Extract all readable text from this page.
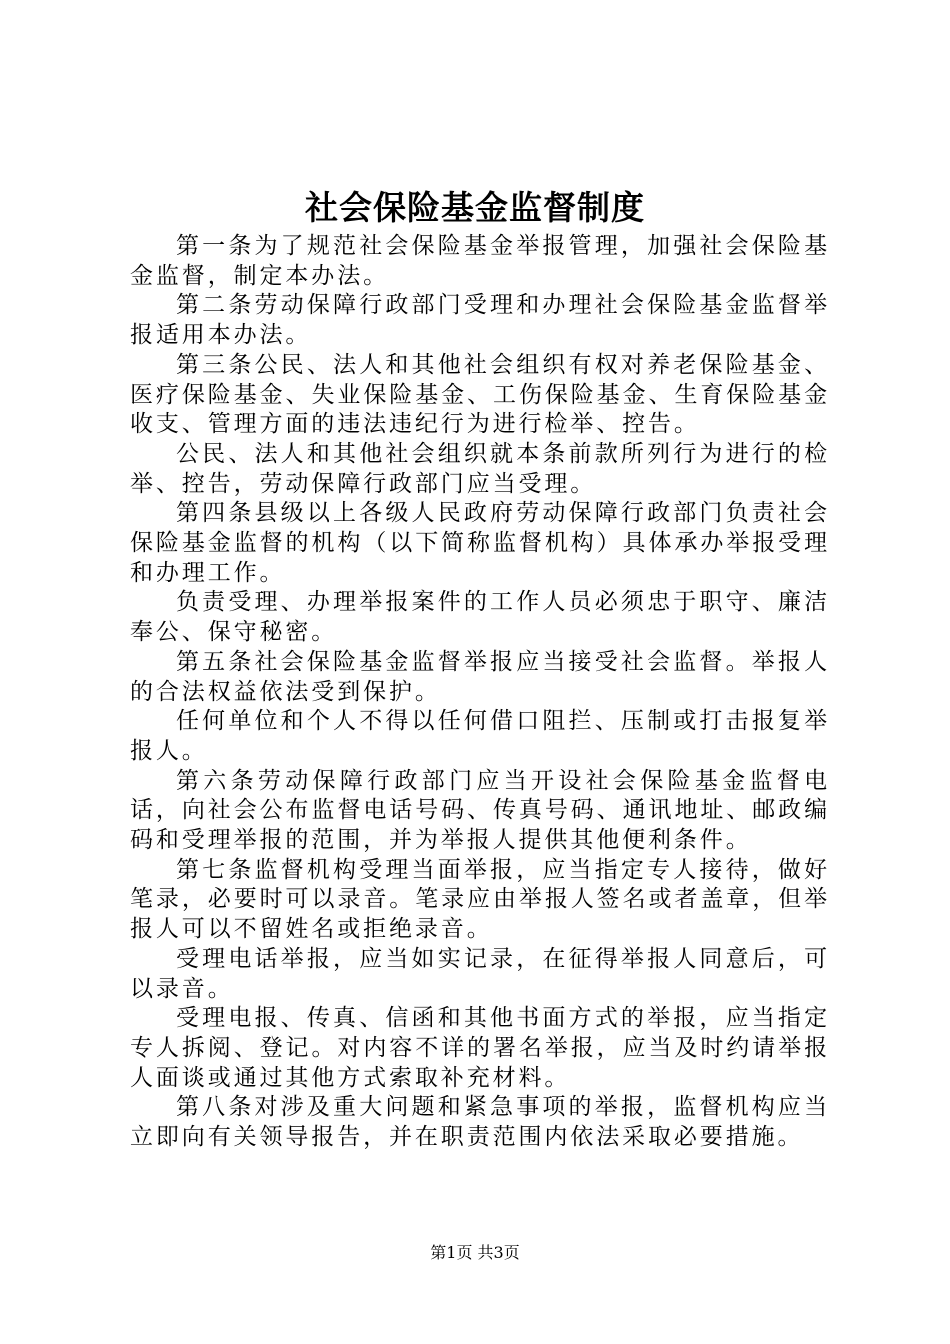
社会保险基金监督制度

第一条为了规范社会保险基金举报管理，加强社会保险基金监督，制定本办法。

第二条劳动保障行政部门受理和办理社会保险基金监督举报适用本办法。

第三条公民、法人和其他社会组织有权对养老保险基金、医疗保险基金、失业保险基金、工伤保险基金、生育保险基金收支、管理方面的违法违纪行为进行检举、控告。

公民、法人和其他社会组织就本条前款所列行为进行的检举、控告，劳动保障行政部门应当受理。

第四条县级以上各级人民政府劳动保障行政部门负责社会保险基金监督的机构（以下简称监督机构）具体承办举报受理和办理工作。

负责受理、办理举报案件的工作人员必须忠于职守、廉洁奉公、保守秘密。

第五条社会保险基金监督举报应当接受社会监督。举报人的合法权益依法受到保护。

任何单位和个人不得以任何借口阻拦、压制或打击报复举报人。

第六条劳动保障行政部门应当开设社会保险基金监督电话，向社会公布监督电话号码、传真号码、通讯地址、邮政编码和受理举报的范围，并为举报人提供其他便利条件。

第七条监督机构受理当面举报，应当指定专人接待，做好笔录，必要时可以录音。笔录应由举报人签名或者盖章，但举报人可以不留姓名或拒绝录音。

受理电话举报，应当如实记录，在征得举报人同意后，可以录音。

受理电报、传真、信函和其他书面方式的举报，应当指定专人拆阅、登记。对内容不详的署名举报，应当及时约请举报人面谈或通过其他方式索取补充材料。

第八条对涉及重大问题和紧急事项的举报，监督机构应当立即向有关领导报告，并在职责范围内依法采取必要措施。

第1页 共3页
